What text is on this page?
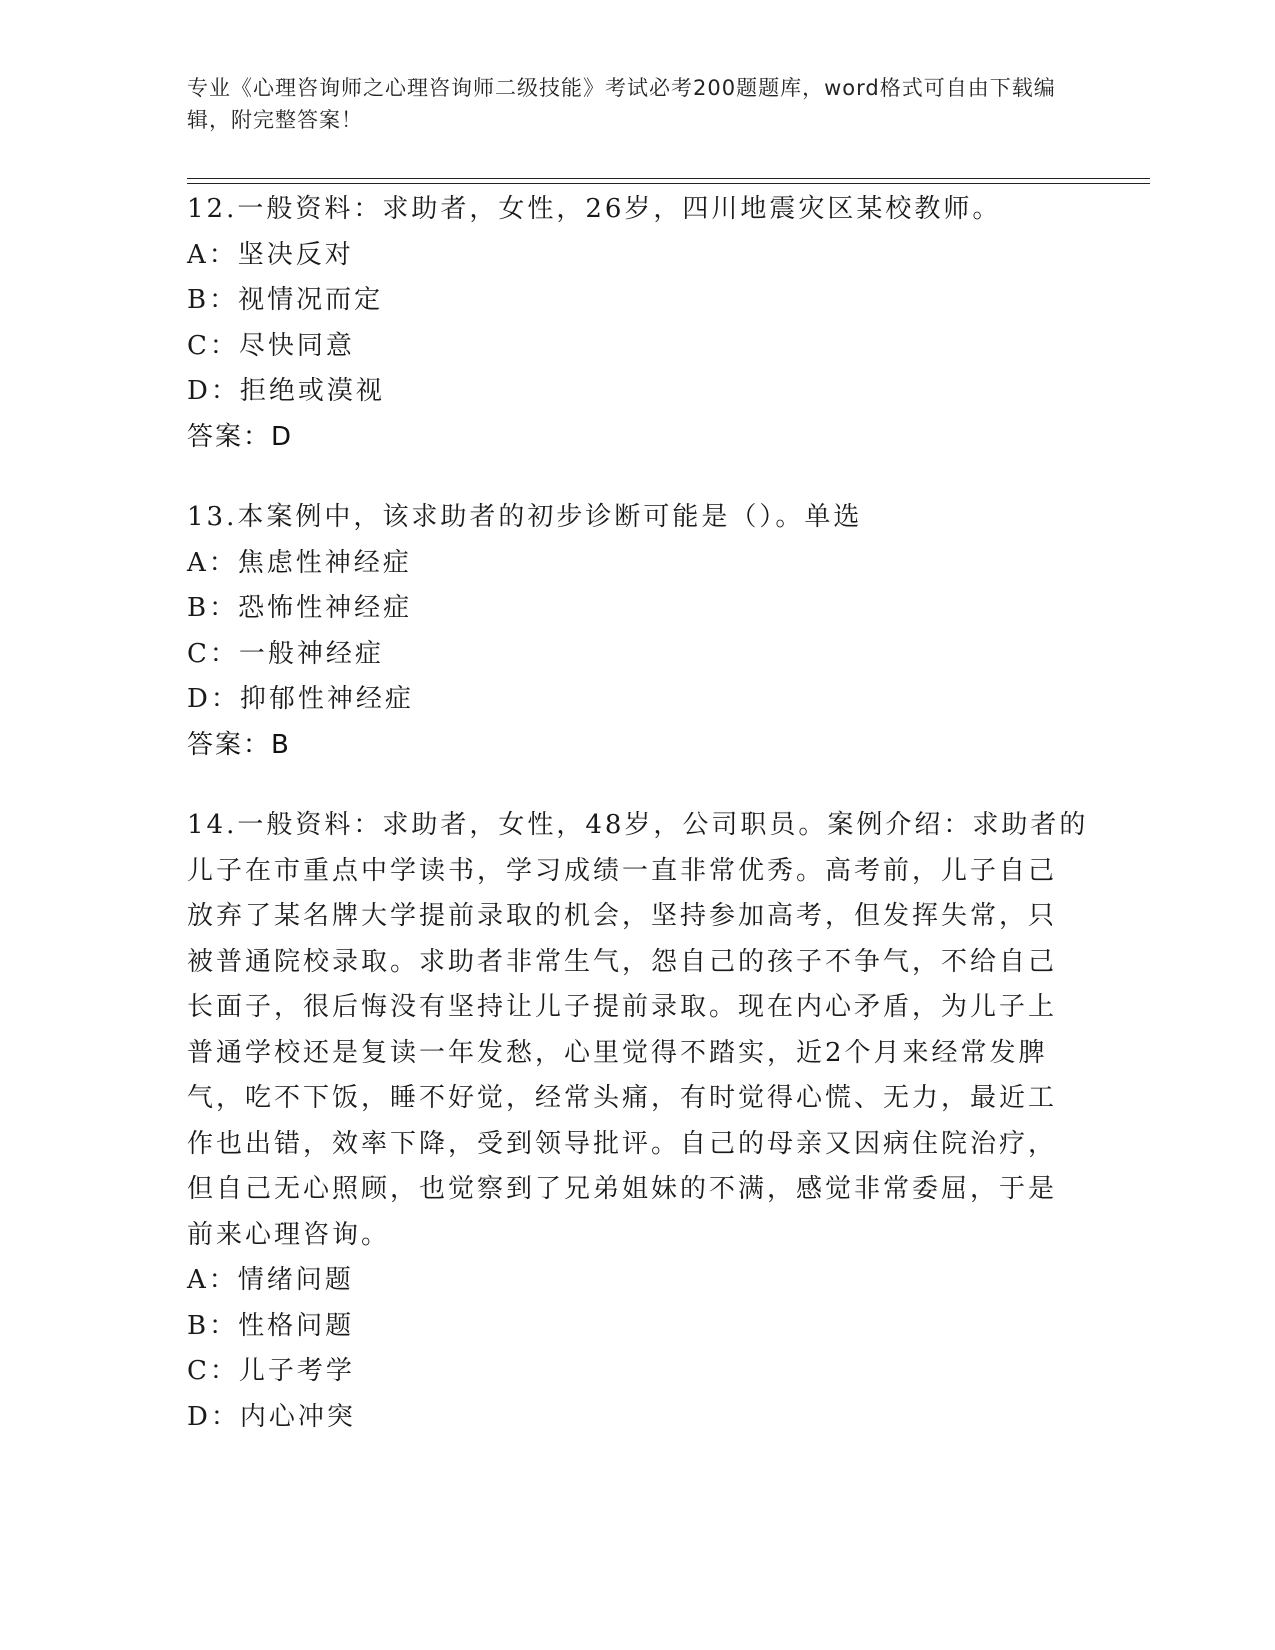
专业《心理咨询师之心理咨询师二级技能》考试必考200题题库，word格式可自由下载编辑，附完整答案！
12.一般资料：求助者，女性，26岁，四川地震灾区某校教师。
A：坚决反对
B：视情况而定
C：尽快同意
D：拒绝或漠视
答案：D
13.本案例中，该求助者的初步诊断可能是（）。单选
A：焦虑性神经症
B：恐怖性神经症
C：一般神经症
D：抑郁性神经症
答案：B
14.一般资料：求助者，女性，48岁，公司职员。案例介绍：求助者的
儿子在市重点中学读书，学习成绩一直非常优秀。高考前，儿子自己
放弃了某名牌大学提前录取的机会，坚持参加高考，但发挥失常，只
被普通院校录取。求助者非常生气，怨自己的孩子不争气，不给自己
长面子，很后悔没有坚持让儿子提前录取。现在内心矛盾，为儿子上
普通学校还是复读一年发愁，心里觉得不踏实，近2个月来经常发脾
气，吃不下饭，睡不好觉，经常头痛，有时觉得心慌、无力，最近工
作也出错，效率下降，受到领导批评。自己的母亲又因病住院治疗，
但自己无心照顾，也觉察到了兄弟姐妹的不满，感觉非常委屈，于是
前来心理咨询。
A：情绪问题
B：性格问题
C：儿子考学
D：内心冲突
